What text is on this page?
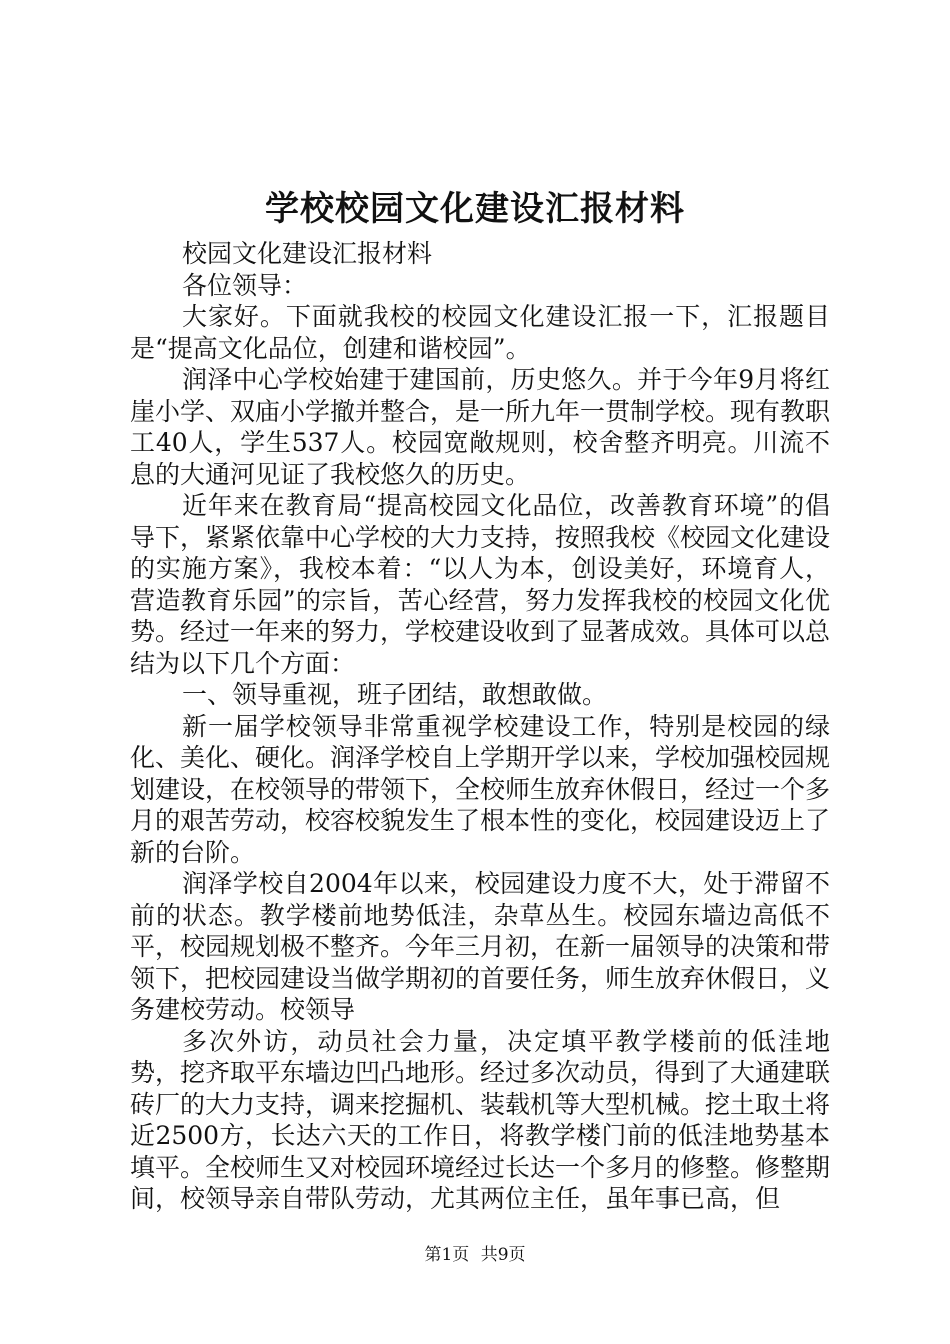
学校校园文化建设汇报材料

校园文化建设汇报材料

各位领导：

大家好。下面就我校的校园文化建设汇报一下，汇报题目是“提高文化品位，创建和谐校园”。

润泽中心学校始建于建国前，历史悠久。并于今年9月将红崖小学、双庙小学撤并整合，是一所九年一贯制学校。现有教职工40人，学生537人。校园宽敞规则，校舍整齐明亮。川流不息的大通河见证了我校悠久的历史。

近年来在教育局“提高校园文化品位，改善教育环境”的倡导下，紧紧依靠中心学校的大力支持，按照我校《校园文化建设的实施方案》，我校本着：“以人为本，创设美好，环境育人，营造教育乐园”的宗旨，苦心经营，努力发挥我校的校园文化优势。经过一年来的努力，学校建设收到了显著成效。具体可以总结为以下几个方面：

一、领导重视，班子团结，敢想敢做。

新一届学校领导非常重视学校建设工作，特别是校园的绿化、美化、硬化。润泽学校自上学期开学以来，学校加强校园规划建设，在校领导的带领下，全校师生放弃休假日，经过一个多月的艰苦劳动，校容校貌发生了根本性的变化，校园建设迈上了新的台阶。

润泽学校自2004年以来，校园建设力度不大，处于滞留不前的状态。教学楼前地势低洼，杂草丛生。校园东墙边高低不平，校园规划极不整齐。今年三月初，在新一届领导的决策和带领下，把校园建设当做学期初的首要任务，师生放弃休假日，义务建校劳动。校领导

多次外访，动员社会力量，决定填平教学楼前的低洼地势，挖齐取平东墙边凹凸地形。经过多次动员，得到了大通建联砖厂的大力支持，调来挖掘机、装载机等大型机械。挖土取土将近2500方，长达六天的工作日，将教学楼门前的低洼地势基本填平。全校师生又对校园环境经过长达一个多月的修整。修整期间，校领导亲自带队劳动，尤其两位主任，虽年事已高，但

第1页 共9页
